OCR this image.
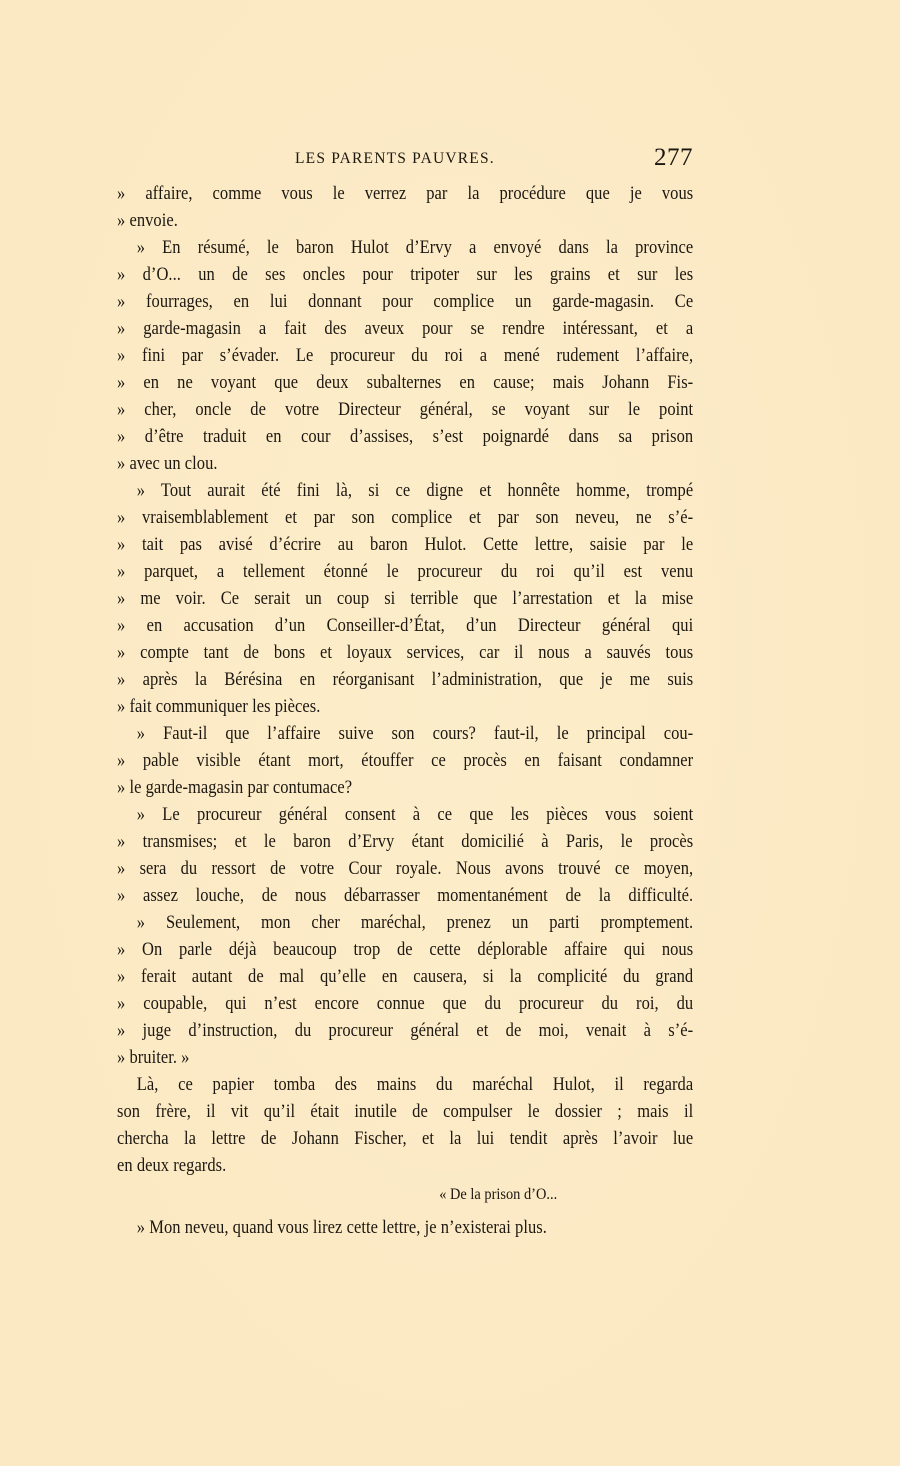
LES PARENTS PAUVRES.	277
» affaire, comme vous le verrez par la procédure que je vous
» envoie.
» En résumé, le baron Hulot d’Ervy a envoyé dans la province
» d’O... un de ses oncles pour tripoter sur les grains et sur les
» fourrages, en lui donnant pour complice un garde-magasin. Ce
» garde-magasin a fait des aveux pour se rendre intéressant, et a
» fini par s’évader. Le procureur du roi a mené rudement l’affaire,
» en ne voyant que deux subalternes en cause; mais Johann Fis-
» cher, oncle de votre Directeur général, se voyant sur le point
» d’être traduit en cour d’assises, s’est poignardé dans sa prison
» avec un clou.
» Tout aurait été fini là, si ce digne et honnête homme, trompé
» vraisemblablement et par son complice et par son neveu, ne s’é-
» tait pas avisé d’écrire au baron Hulot. Cette lettre, saisie par le
» parquet, a tellement étonné le procureur du roi qu’il est venu
» me voir. Ce serait un coup si terrible que l’arrestation et la mise
» en accusation d’un Conseiller-d’État, d’un Directeur général qui
» compte tant de bons et loyaux services, car il nous a sauvés tous
» après la Bérésina en réorganisant l’administration, que je me suis
» fait communiquer les pièces.
» Faut-il que l’affaire suive son cours? faut-il, le principal cou-
» pable visible étant mort, étouffer ce procès en faisant condamner
» le garde-magasin par contumace?
» Le procureur général consent à ce que les pièces vous soient
» transmises; et le baron d’Ervy étant domicilié à Paris, le procès
» sera du ressort de votre Cour royale. Nous avons trouvé ce moyen,
» assez louche, de nous débarrasser momentanément de la difficulté.
» Seulement, mon cher maréchal, prenez un parti promptement.
» On parle déjà beaucoup trop de cette déplorable affaire qui nous
» ferait autant de mal qu’elle en causera, si la complicité du grand
» coupable, qui n’est encore connue que du procureur du roi, du
» juge d’instruction, du procureur général et de moi, venait à s’é-
» bruiter. »
Là, ce papier tomba des mains du maréchal Hulot, il regarda
son frère, il vit qu’il était inutile de compulser le dossier ; mais il
chercha la lettre de Johann Fischer, et la lui tendit après l’avoir lue
en deux regards.
« De la prison d’O...
» Mon neveu, quand vous lirez cette lettre, je n’existerai plus.
